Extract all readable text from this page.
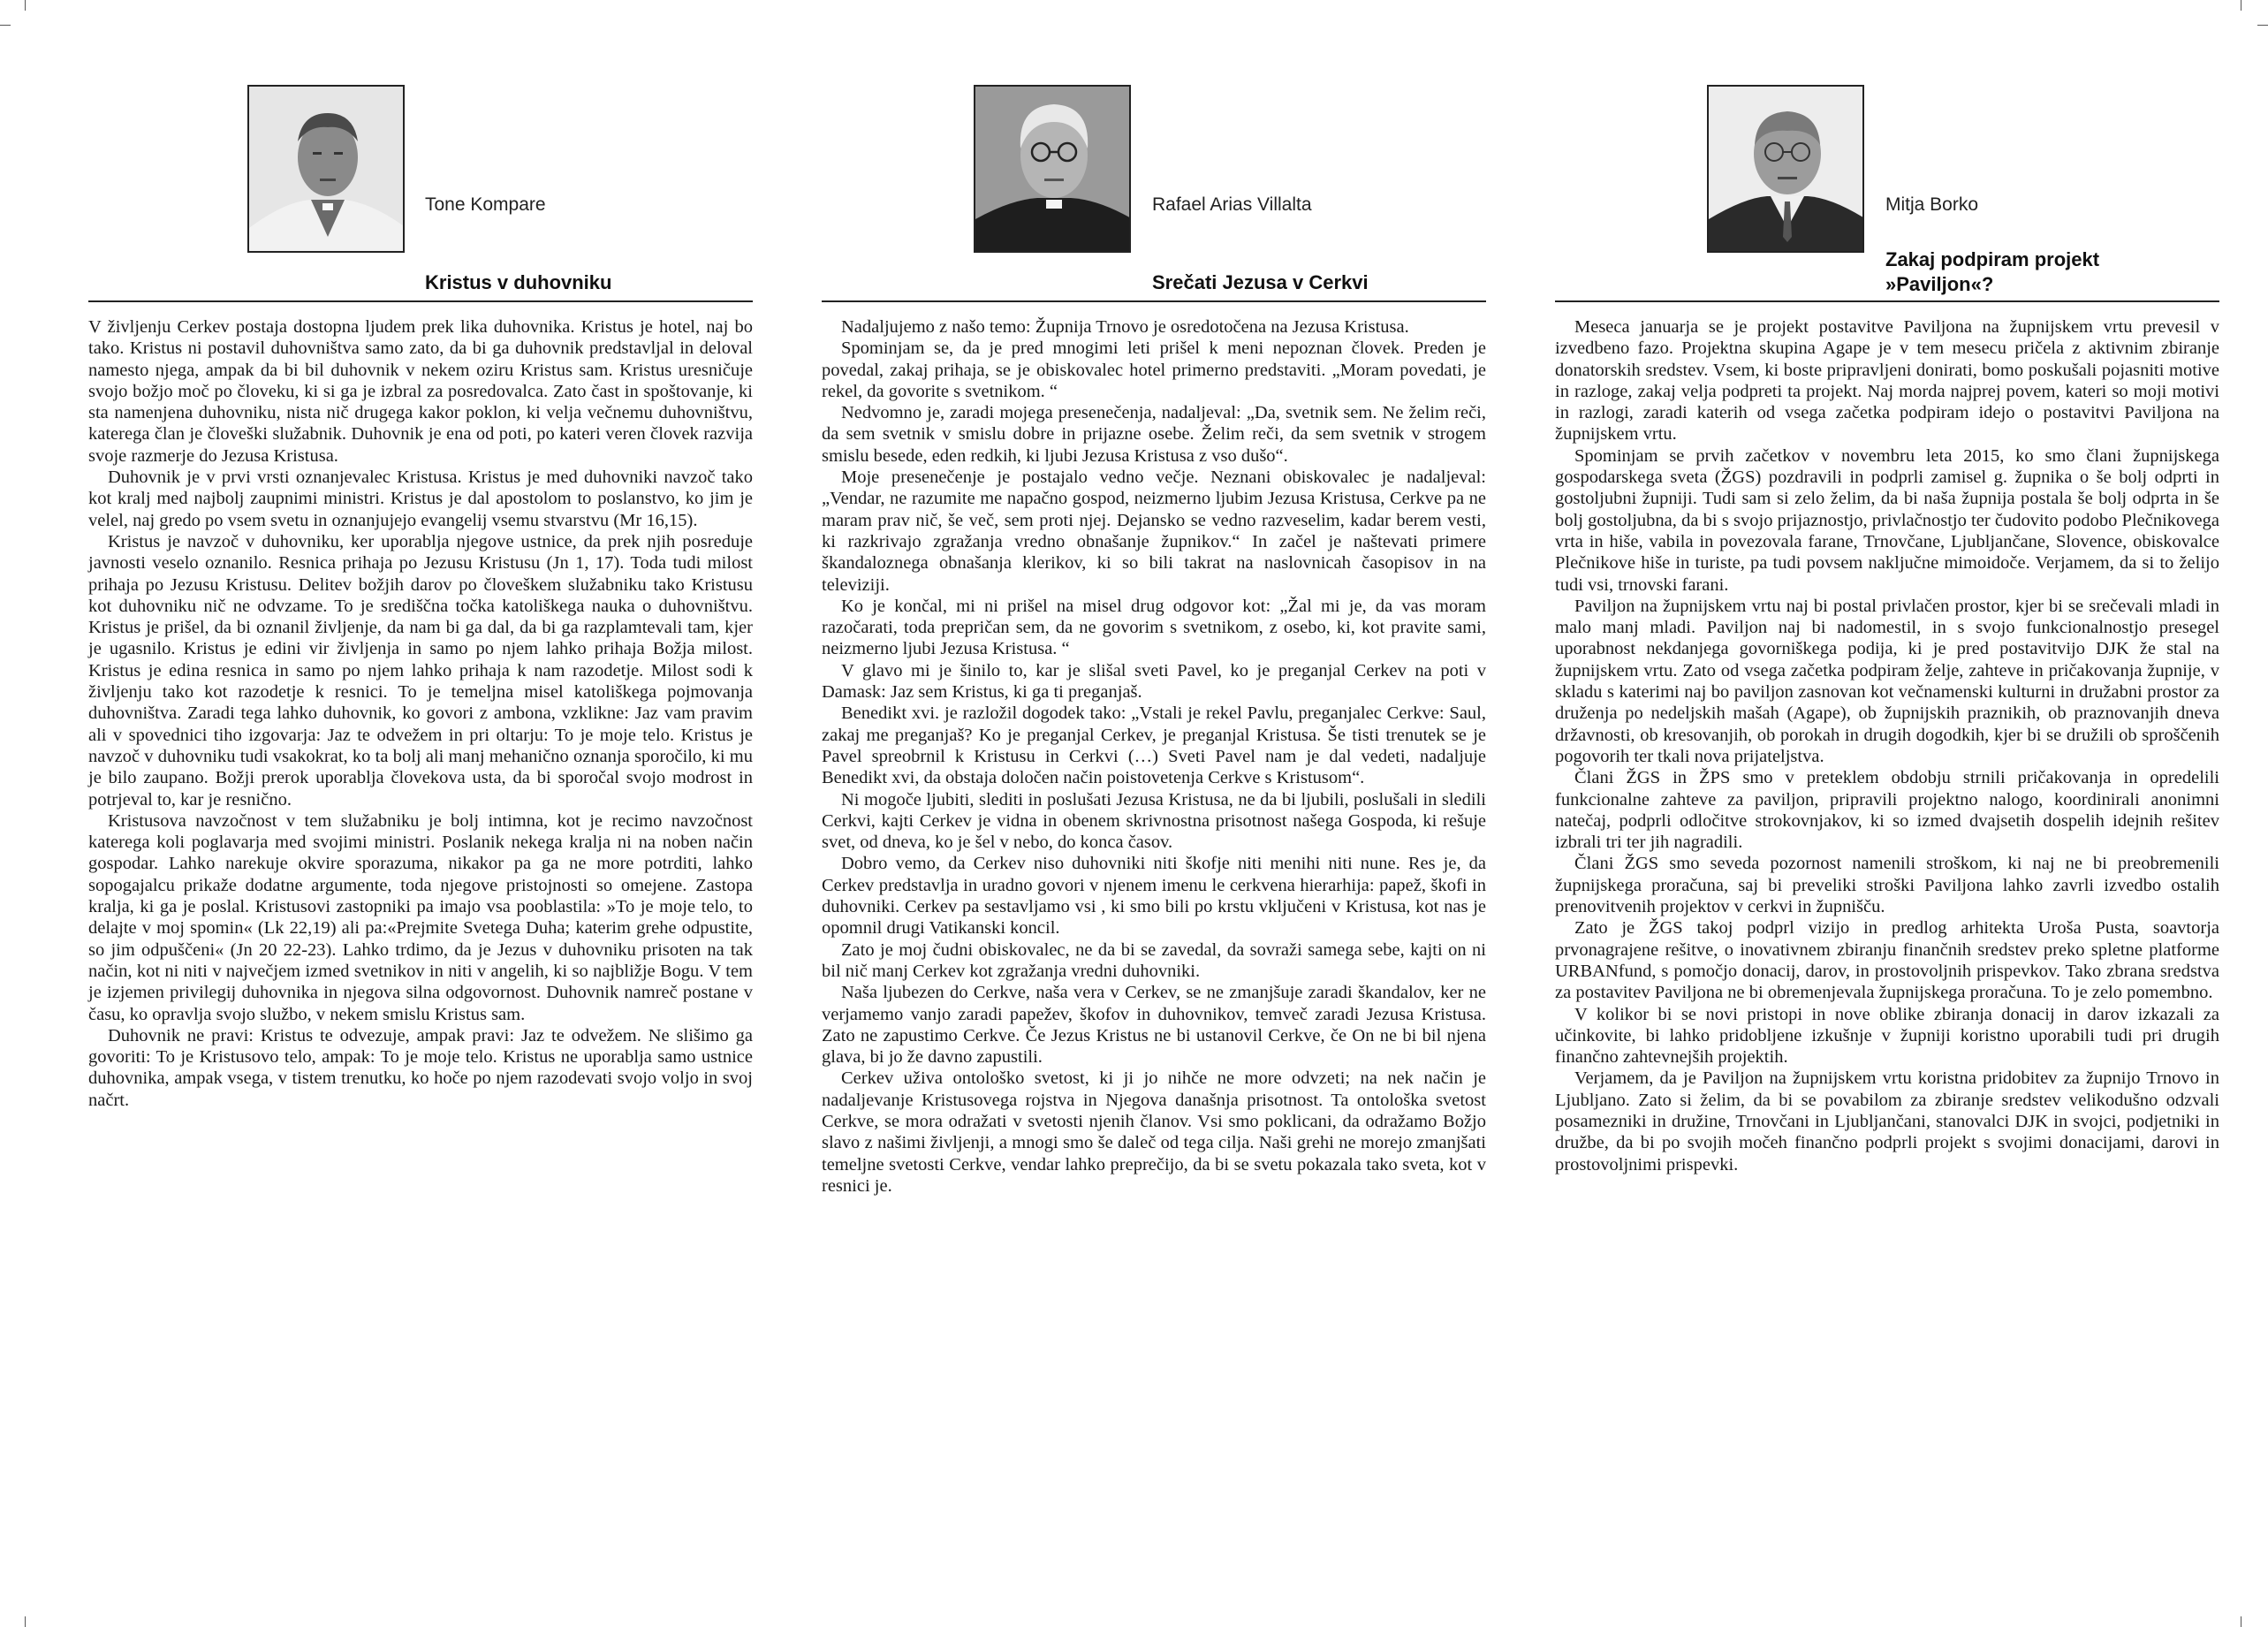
Tone Kompare
Kristus v duhovniku

V življenju Cerkev postaja dostopna ljudem prek lika duhovnika. Kristus je hotel, naj bo tako. Kristus ni postavil duhovništva samo zato, da bi ga duhovnik predstavljal in deloval namesto njega, ampak da bi bil duhovnik v nekem oziru Kristus sam. Kristus uresničuje svojo božjo moč po človeku, ki si ga je izbral za posredovalca. Zato čast in spoštovanje, ki sta namenjena duhovniku, nista nič drugega kakor poklon, ki velja večnemu duhovništvu, katerega član je človeški služabnik. Duhovnik je ena od poti, po kateri veren človek razvija svoje razmerje do Jezusa Kristusa.

Duhovnik je v prvi vrsti oznanjevalec Kristusa. Kristus je med duhovniki navzoč tako kot kralj med najbolj zaupnimi ministri. Kristus je dal apostolom to poslanstvo, ko jim je velel, naj gredo po vsem svetu in oznanjujejo evangelij vsemu stvarstvu (Mr 16,15).

Kristus je navzoč v duhovniku, ker uporablja njegove ustnice, da prek njih posreduje javnosti veselo oznanilo. Resnica prihaja po Jezusu Kristusu (Jn 1, 17). Toda tudi milost prihaja po Jezusu Kristusu. Delitev božjih darov po človeškem služabniku tako Kristusu kot duhovniku nič ne odvzame. To je središčna točka katoliškega nauka o duhovništvu. Kristus je prišel, da bi oznanil življenje, da nam bi ga dal, da bi ga razplamtevali tam, kjer je ugasnilo. Kristus je edini vir življenja in samo po njem lahko prihaja Božja milost. Kristus je edina resnica in samo po njem lahko prihaja k nam razodetje. Milost sodi k življenju tako kot razodetje k resnici. To je temeljna misel katoliškega pojmovanja duhovništva. Zaradi tega lahko duhovnik, ko govori z ambona, vzklikne: Jaz vam pravim ali v spovednici tiho izgovarja: Jaz te odvežem in pri oltarju: To je moje telo. Kristus je navzoč v duhovniku tudi vsakokrat, ko ta bolj ali manj mehanično oznanja sporočilo, ki mu je bilo zaupano. Božji prerok uporablja človekova usta, da bi sporočal svojo modrost in potrjeval to, kar je resnično.

Kristusova navzočnost v tem služabniku je bolj intimna, kot je recimo navzočnost katerega koli poglavarja med svojimi ministri. Poslanik nekega kralja ni na noben način gospodar. Lahko narekuje okvire sporazuma, nikakor pa ga ne more potrditi, lahko sopogajalcu prikaže dodatne argumente, toda njegove pristojnosti so omejene. Zastopa kralja, ki ga je poslal. Kristusovi zastopniki pa imajo vsa pooblastila: »To je moje telo, to delajte v moj spomin« (Lk 22,19) ali pa:«Prejmite Svetega Duha; katerim grehe odpustite, so jim odpuščeni« (Jn 20 22-23). Lahko trdimo, da je Jezus v duhovniku prisoten na tak način, kot ni niti v največjem izmed svetnikov in niti v angelih, ki so najbližje Bogu. V tem je izjemen privilegij duhovnika in njegova silna odgovornost. Duhovnik namreč postane v času, ko opravlja svojo službo, v nekem smislu Kristus sam.

Duhovnik ne pravi: Kristus te odvezuje, ampak pravi: Jaz te odvežem. Ne slišimo ga govoriti: To je Kristusovo telo, ampak: To je moje telo. Kristus ne uporablja samo ustnice duhovnika, ampak vsega, v tistem trenutku, ko hoče po njem razodevati svojo voljo in svoj načrt.

Rafael Arias Villalta
Srečati Jezusa v Cerkvi

Nadaljujemo z našo temo: Župnija Trnovo je osredotočena na Jezusa Kristusa.

Spominjam se, da je pred mnogimi leti prišel k meni nepoznan človek. Preden je povedal, zakaj prihaja, se je obiskovalec hotel primerno predstaviti. „Moram povedati, je rekel, da govorite s svetnikom. “

Nedvomno je, zaradi mojega presenečenja, nadaljeval: „Da, svetnik sem. Ne želim reči, da sem svetnik v smislu dobre in prijazne osebe. Želim reči, da sem svetnik v strogem smislu besede, eden redkih, ki ljubi Jezusa Kristusa z vso dušo“.

Moje presenečenje je postajalo vedno večje. Neznani obiskovalec je nadaljeval: „Vendar, ne razumite me napačno gospod, neizmerno ljubim Jezusa Kristusa, Cerkve pa ne maram prav nič, še več, sem proti njej. Dejansko se vedno razveselim, kadar berem vesti, ki razkrivajo zgražanja vredno obnašanje župnikov.“ In začel je naštevati primere škandaloznega obnašanja klerikov, ki so bili takrat na naslovnicah časopisov in na televiziji.

Ko je končal, mi ni prišel na misel drug odgovor kot: „Žal mi je, da vas moram razočarati, toda prepričan sem, da ne govorim s svetnikom, z osebo, ki, kot pravite sami, neizmerno ljubi Jezusa Kristusa. “

V glavo mi je šinilo to, kar je slišal sveti Pavel, ko je preganjal Cerkev na poti v Damask: Jaz sem Kristus, ki ga ti preganjaš.

Benedikt xvi. je razložil dogodek tako: „Vstali je rekel Pavlu, preganjalec Cerkve: Saul, zakaj me preganjaš? Ko je preganjal Cerkev, je preganjal Kristusa. Še tisti trenutek se je Pavel spreobrnil k Kristusu in Cerkvi (…) Sveti Pavel nam je dal vedeti, nadaljuje Benedikt xvi, da obstaja določen način poistovetenja Cerkve s Kristusom“.

Ni mogoče ljubiti, slediti in poslušati Jezusa Kristusa, ne da bi ljubili, poslušali in sledili Cerkvi, kajti Cerkev je vidna in obenem skrivnostna prisotnost našega Gospoda, ki rešuje svet, od dneva, ko je šel v nebo, do konca časov.

Dobro vemo, da Cerkev niso duhovniki niti škofje niti menihi niti nune. Res je, da Cerkev predstavlja in uradno govori v njenem imenu le cerkvena hierarhija: papež, škofi in duhovniki. Cerkev pa sestavljamo vsi , ki smo bili po krstu vključeni v Kristusa, kot nas je opomnil drugi Vatikanski koncil.

Zato je moj čudni obiskovalec, ne da bi se zavedal, da sovraži samega sebe, kajti on ni bil nič manj Cerkev kot zgražanja vredni duhovniki.

Naša ljubezen do Cerkve, naša vera v Cerkev, se ne zmanjšuje zaradi škandalov, ker ne verjamemo vanjo zaradi papežev, škofov in duhovnikov, temveč zaradi Jezusa Kristusa. Zato ne zapustimo Cerkve. Če Jezus Kristus ne bi ustanovil Cerkve, če On ne bi bil njena glava, bi jo že davno zapustili.

Cerkev uživa ontološko svetost, ki ji jo nihče ne more odvzeti; na nek način je nadaljevanje Kristusovega rojstva in Njegova današnja prisotnost. Ta ontološka svetost Cerkve, se mora odražati v svetosti njenih članov. Vsi smo poklicani, da odražamo Božjo slavo z našimi življenji, a mnogi smo še daleč od tega cilja. Naši grehi ne morejo zmanjšati temeljne svetosti Cerkve, vendar lahko preprečijo, da bi se svetu pokazala tako sveta, kot v resnici je.

Mitja Borko
Zakaj podpiram projekt
»Paviljon«?

Meseca januarja se je projekt postavitve Paviljona na župnijskem vrtu prevesil v izvedbeno fazo. Projektna skupina Agape je v tem mesecu pričela z aktivnim zbiranje donatorskih sredstev. Vsem, ki boste pripravljeni donirati, bomo poskušali pojasniti motive in razloge, zakaj velja podpreti ta projekt. Naj morda najprej povem, kateri so moji motivi in razlogi, zaradi katerih od vsega začetka podpiram idejo o postavitvi Paviljona na župnijskem vrtu.

Spominjam se prvih začetkov v novembru leta 2015, ko smo člani župnijskega gospodarskega sveta (ŽGS) pozdravili in podprli zamisel g. župnika o še bolj odprti in gostoljubni župniji. Tudi sam si zelo želim, da bi naša župnija postala še bolj odprta in še bolj gostoljubna, da bi s svojo prijaznostjo, privlačnostjo ter čudovito podobo Plečnikovega vrta in hiše, vabila in povezovala farane, Trnovčane, Ljubljančane, Slovence, obiskovalce Plečnikove hiše in turiste, pa tudi povsem naključne mimoidoče. Verjamem, da si to želijo tudi vsi, trnovski farani.

Paviljon na župnijskem vrtu naj bi postal privlačen prostor, kjer bi se srečevali mladi in malo manj mladi. Paviljon naj bi nadomestil, in s svojo funkcionalnostjo presegel uporabnost nekdanjega govorniškega podija, ki je pred postavitvijo DJK že stal na župnijskem vrtu. Zato od vsega začetka podpiram želje, zahteve in pričakovanja župnije, v skladu s katerimi naj bo paviljon zasnovan kot večnamenski kulturni in družabni prostor za druženja po nedeljskih mašah (Agape), ob župnijskih praznikih, ob praznovanjih dneva državnosti, ob kresovanjih, ob porokah in drugih dogodkih, kjer bi se družili ob sproščenih pogovorih ter tkali nova prijateljstva.

Člani ŽGS in ŽPS smo v preteklem obdobju strnili pričakovanja in opredelili funkcionalne zahteve za paviljon, pripravili projektno nalogo, koordinirali anonimni natečaj, podprli odločitve strokovnjakov, ki so izmed dvajsetih dospelih idejnih rešitev izbrali tri ter jih nagradili.

Člani ŽGS smo seveda pozornost namenili stroškom, ki naj ne bi preobremenili župnijskega proračuna, saj bi preveliki stroški Paviljona lahko zavrli izvedbo ostalih prenovitvenih projektov v cerkvi in župnišču.

Zato je ŽGS takoj podprl vizijo in predlog arhitekta Uroša Pusta, soavtorja prvonagrajene rešitve, o inovativnem zbiranju finančnih sredstev preko spletne platforme URBANfund, s pomočjo donacij, darov, in prostovoljnih prispevkov. Tako zbrana sredstva za postavitev Paviljona ne bi obremenjevala župnijskega proračuna. To je zelo pomembno.

V kolikor bi se novi pristopi in nove oblike zbiranja donacij in darov izkazali za učinkovite, bi lahko pridobljene izkušnje v župniji koristno uporabili tudi pri drugih finančno zahtevnejših projektih.

Verjamem, da je Paviljon na župnijskem vrtu koristna pridobitev za župnijo Trnovo in Ljubljano. Zato si želim, da bi se povabilom za zbiranje sredstev velikodušno odzvali posamezniki in družine, Trnovčani in Ljubljančani, stanovalci DJK in svojci, podjetniki in družbe, da bi po svojih močeh finančno podprli projekt s svojimi donacijami, darovi in prostovoljnimi prispevki.
